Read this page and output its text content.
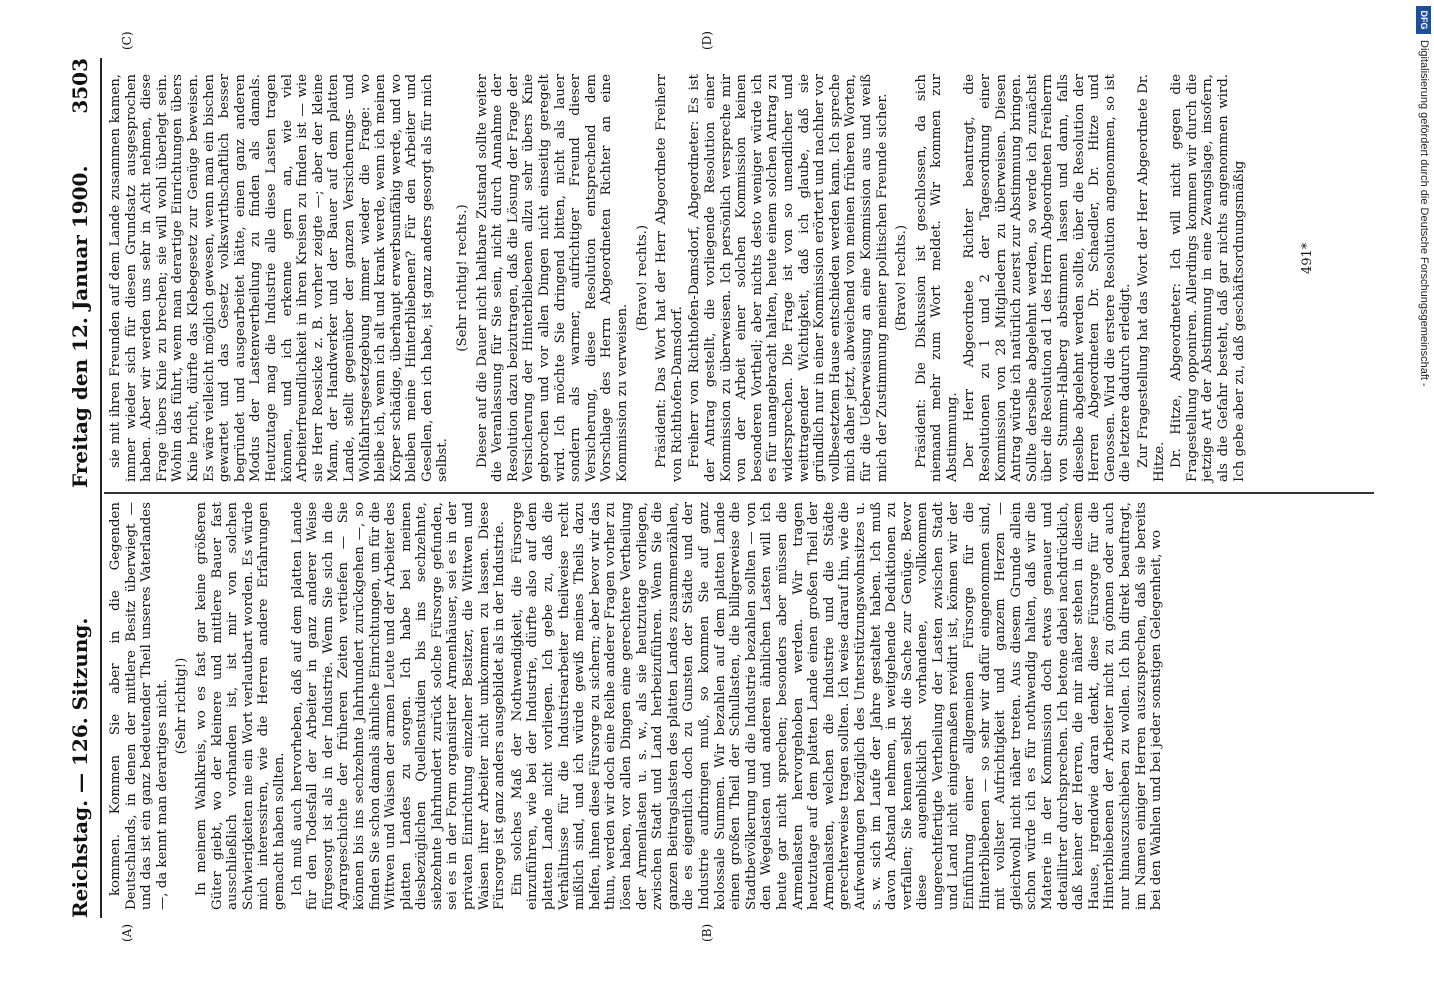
Reichstag. — 126. Sitzung.
Freitag den 12. Januar 1900.
3503
(A)	(B)
(C)	(D)

kommen. Kommen Sie aber in die Gegenden Deutschlands, in denen der mittlere Besitz überwiegt — und das ist ein ganz bedeutender Theil unseres Vaterlandes —, da kennt man derartiges nicht. (Sehr richtig!) In meinem Wahlkreis, wo es fast gar keine größeren Güter giebt, wo der kleinere und mittlere Bauer fast ausschließlich vorhanden ist, ist mir von solchen Schwierigkeiten nie ein Wort verlautbart worden. Es würde mich interessiren, wie die Herren andere Erfahrungen gemacht haben sollten. Ich muß auch hervorheben, daß auf dem platten Lande für den Todesfall der Arbeiter in ganz anderer Weise fürgesorgt ist als in der Industrie. Wenn Sie sich in die Agrargeschichte der früheren Zeiten vertiefen — Sie können bis ins sechzehnte Jahrhundert zurückgehen —, so finden Sie schon damals ähnliche Einrichtungen, um für die Wittwen und Waisen der armen Leute und der Arbeiter des platten Landes zu sorgen. Ich habe bei meinen diesbezüglichen Quellenstudien bis ins sechzehnte, siebzehnte Jahrhundert zurück solche Fürsorge gefunden, sei es in der Form organisirter Armenhäuser, sei es in der privaten Einrichtung einzelner Besitzer, die Wittwen und Waisen ihrer Arbeiter nicht umkommen zu lassen. Diese Fürsorge ist ganz anders ausgebildet als in der Industrie. Ein solches Maß der Nothwendigkeit, die Fürsorge einzuführen, wie bei der Industrie, dürfte also auf dem platten Lande nicht vorliegen. Ich gebe zu, daß die Verhältnisse für die Industriearbeiter theilweise recht mißlich sind, und ich würde gewiß meines Theils dazu helfen, ihnen diese Fürsorge zu sichern; aber bevor wir das thun, werden wir doch eine Reihe anderer Fragen vorher zu lösen haben, vor allen Dingen eine gerechtere Vertheilung der Armenlasten u. s. w., als sie heutzutage vorliegen, zwischen Stadt und Land herbeizuführen. Wenn Sie die ganzen Beitragslasten des platten Landes zusammenzählen, die es eigentlich doch zu Gunsten der Städte und der Industrie aufbringen muß, so kommen Sie auf ganz kolossale Summen. Wir bezahlen auf dem platten Lande einen großen Theil der Schullasten, die billigerweise die Stadtbevölkerung und die Industrie bezahlen sollten — von den Wegelasten und anderen ähnlichen Lasten will ich heute gar nicht sprechen; besonders aber müssen die Armenlasten hervorgehoben werden. Wir tragen heutzutage auf dem platten Lande einen großen Theil der Armenlasten, welchen die Industrie und die Städte gerechterweise tragen sollten. Ich weise darauf hin, wie die Aufwendungen bezüglich des Unterstützungswohnsitzes u. s. w. sich im Laufe der Jahre gestaltet haben. Ich muß davon Abstand nehmen, in weitgehende Deduktionen zu verfallen; Sie kennen selbst die Sache zur Genüge. Bevor diese augenblicklich vorhandene, vollkommen ungerechtfertigte Vertheilung der Lasten zwischen Stadt und Land nicht einigermaßen revidirt ist, können wir der Einführung einer allgemeinen Fürsorge für die Hinterbliebenen — so sehr wir dafür eingenommen sind, mit vollster Aufrichtigkeit und ganzem Herzen — gleichwohl nicht näher treten. Aus diesem Grunde allein schon würde ich es für nothwendig halten, daß wir die Materie in der Kommission doch etwas genauer und detaillirter durchsprechen. Ich betone dabei nachdrücklich, daß keiner der Herren, die mir näher stehen in diesem Hause, irgendwie daran denkt, diese Fürsorge für die Hinterbliebenen der Arbeiter nicht zu gönnen oder auch nur hinauszuschieben zu wollen. Ich bin direkt beauftragt, im Namen einiger Herren auszusprechen, daß sie bereits bei den Wahlen und bei jeder sonstigen Gelegenheit, wo

sie mit ihren Freunden auf dem Lande zusammen kamen, immer wieder sich für diesen Grundsatz ausgesprochen haben. Aber wir werden uns sehr in Acht nehmen, diese Frage übers Knie zu brechen; sie will wohl überlegt sein. Wohin das führt, wenn man derartige Einrichtungen übers Knie bricht, dürfte das Klebegesetz zur Genüge beweisen. Es wäre vielleicht möglich gewesen, wenn man ein bischen gewartet und das Gesetz volkswirthschaftlich besser begründet und ausgearbeitet hätte, einen ganz anderen Modus der Lastenvertheilung zu finden als damals. Heutzutage mag die Industrie alle diese Lasten tragen können, und ich erkenne gern an, wie viel Arbeiterfreundlichkeit in ihren Kreisen zu finden ist — wie sie Herr Roesicke z. B. vorher zeigte —; aber der kleine Mann, der Handwerker und der Bauer auf dem platten Lande, stellt gegenüber der ganzen Versicherungs- und Wohlfahrtsgesetzgebung immer wieder die Frage: wo bleibe ich, wenn ich alt und krank werde, wenn ich meinen Körper schädige, überhaupt erwerbsunfähig werde, und wo bleiben meine Hinterbliebenen? Für den Arbeiter und Gesellen, den ich habe, ist ganz anders gesorgt als für mich selbst.

(Sehr richtig! rechts.) Dieser auf die Dauer nicht haltbare Zustand sollte weiter die Veranlassung für Sie sein, nicht durch Annahme der Resolution dazu beizutragen, daß die Lösung der Frage der Versicherung der Hinterbliebenen allzu sehr übers Knie gebrochen und vor allen Dingen nicht einseitig geregelt wird. Ich möchte Sie dringend bitten, nicht als lauer sondern als warmer, aufrichtiger Freund dieser Versicherung, diese Resolution entsprechend dem Vorschlage des Herrn Abgeordneten Richter an eine Kommission zu verweisen.

(Bravo! rechts.) Präsident: Das Wort hat der Herr Abgeordnete Freiherr von Richthofen-Damsdorf. Freiherr von Richthofen-Damsdorf, Abgeordneter: Es ist der Antrag gestellt, die vorliegende Resolution einer Kommission zu überweisen. Ich persönlich verspreche mir von der Arbeit einer solchen Kommission keinen besonderen Vortheil; aber nichts desto weniger würde ich es für unangebracht halten, heute einem solchen Antrag zu widersprechen. Die Frage ist von so unendlicher und weittragender Wichtigkeit, daß ich glaube, daß sie gründlich nur in einer Kommission erörtert und nachher vor vollbesetztem Hause entschieden werden kann. Ich spreche mich daher jetzt, abweichend von meinen früheren Worten, für die Ueberweisung an eine Kommission aus und weiß mich der Zustimmung meiner politischen Freunde sicher. (Bravo! rechts.) Präsident: Die Diskussion ist geschlossen, da sich niemand mehr zum Wort meldet. Wir kommen zur Abstimmung. Der Herr Abgeordnete Richter beantragt, die Resolutionen zu 1 und 2 der Tagesordnung einer Kommission von 28 Mitgliedern zu überweisen. Diesen Antrag würde ich natürlich zuerst zur Abstimmung bringen. Sollte derselbe abgelehnt werden, so werde ich zunächst über die Resolution ad 1 des Herrn Abgeordneten Freiherrn von Stumm-Halberg abstimmen lassen und dann, falls dieselbe abgelehnt werden sollte, über die Resolution der Herren Abgeordneten Dr. Schaedler, Dr. Hitze und Genossen. Wird die erstere Resolution angenommen, so ist die letztere dadurch erledigt. Zur Fragestellung hat das Wort der Herr Abgeordnete Dr. Hitze. Dr. Hitze, Abgeordneter: Ich will nicht gegen die Fragestellung opponiren. Allerdings kommen wir durch die jetzige Art der Abstimmung in eine Zwangslage, insofern, als die Gefahr besteht, daß gar nichts angenommen wird. Ich gebe aber zu, daß geschäftsordnungsmäßig	491*
DFG
Digitalisierung gefördert durch die Deutsche Forschungsgemeinschaft -
